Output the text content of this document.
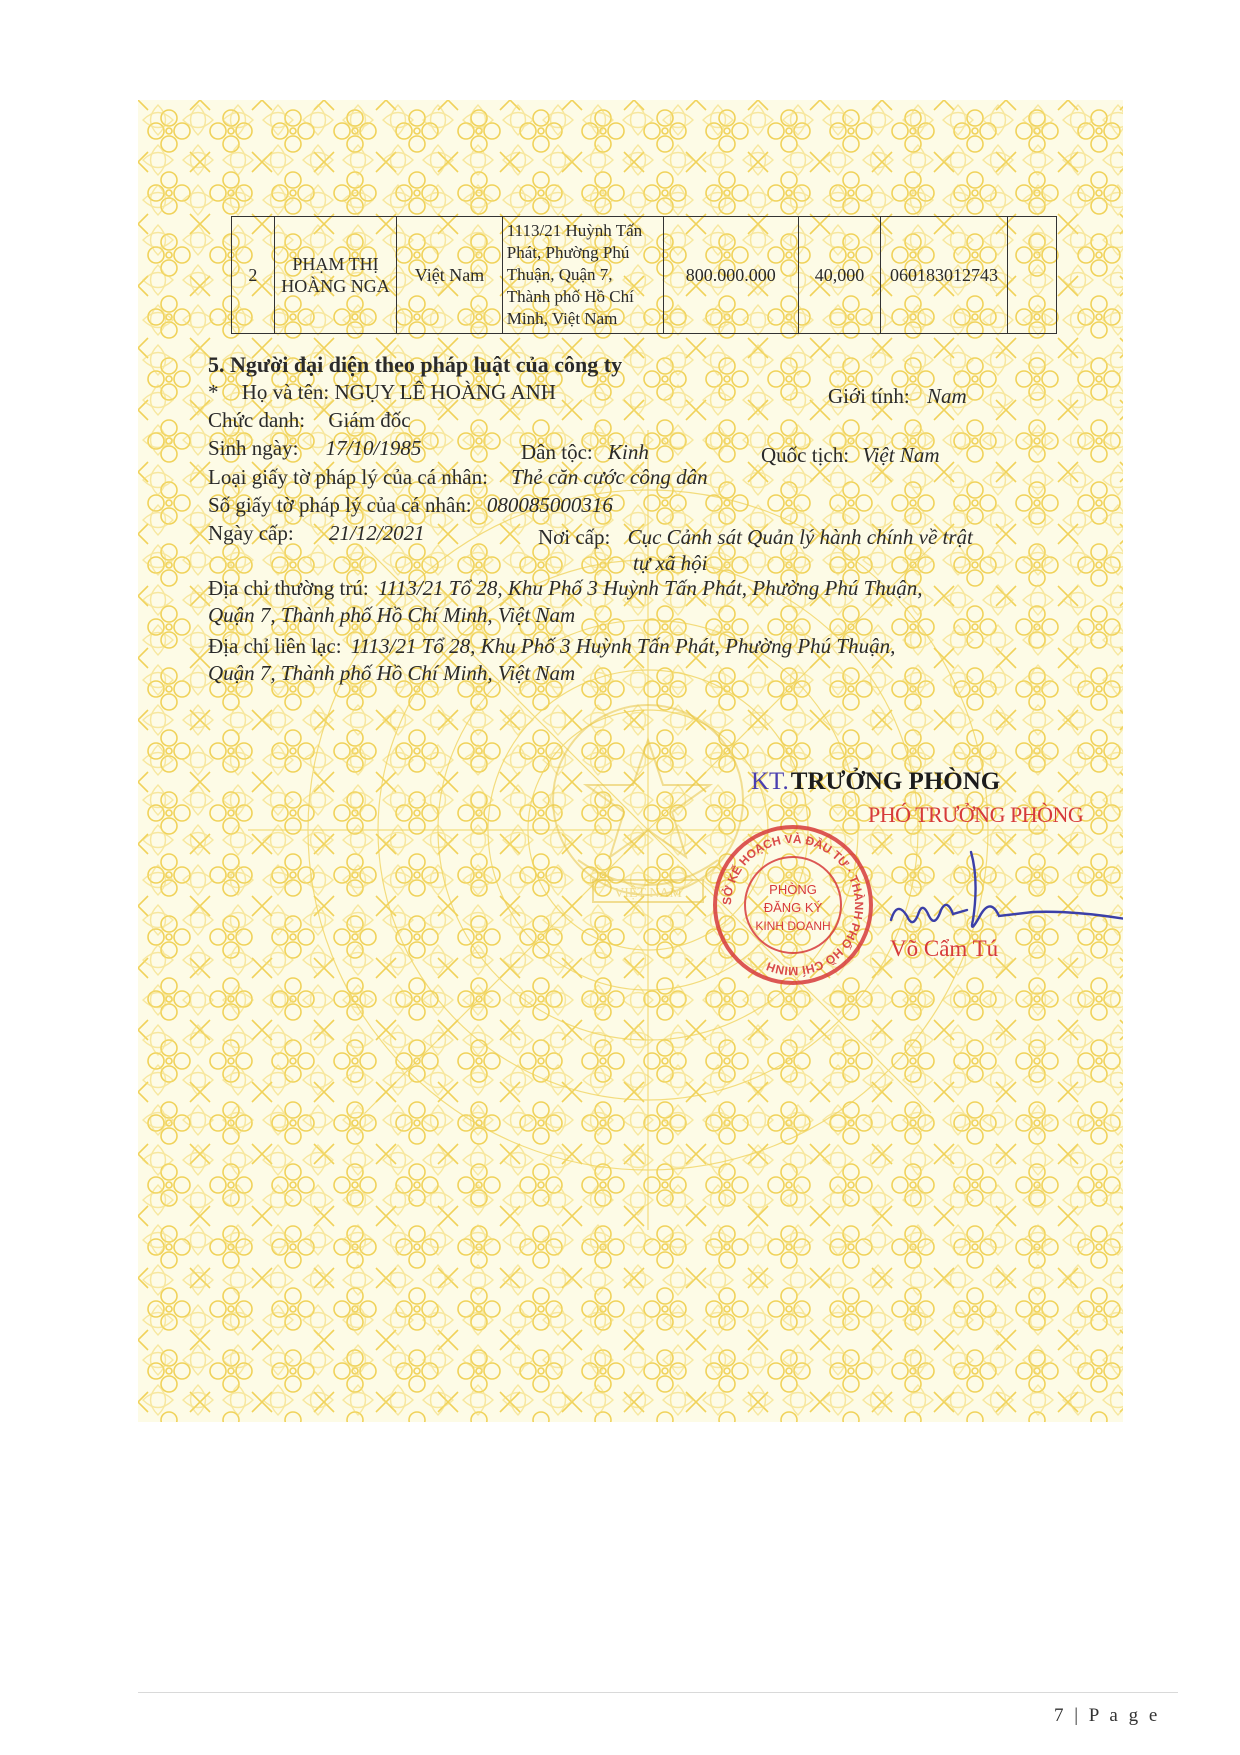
VIỆT NAM
2	PHẠM THỊ HOÀNG NGA	Việt Nam	1113/21 Huỳnh Tấn Phát, Phường Phú Thuận, Quận 7, Thành phố Hồ Chí Minh, Việt Nam	800.000.000	40,000	060183012743	
5. Người đại diện theo pháp luật của công ty
* Họ và tên: NGỤY LÊ HOÀNG ANH	Giới tính: Nam
Chức danh: Giám đốc
Sinh ngày: 17/10/1985	Dân tộc: Kinh	Quốc tịch: Việt Nam
Loại giấy tờ pháp lý của cá nhân: Thẻ căn cước công dân
Số giấy tờ pháp lý của cá nhân: 080085000316
Ngày cấp: 21/12/2021	Nơi cấp: Cục Cảnh sát Quản lý hành chính về trật
tự xã hội
Địa chỉ thường trú: 1113/21 Tổ 28, Khu Phố 3 Huỳnh Tấn Phát, Phường Phú Thuận,
Quận 7, Thành phố Hồ Chí Minh, Việt Nam
Địa chỉ liên lạc: 1113/21 Tổ 28, Khu Phố 3 Huỳnh Tấn Phát, Phường Phú Thuận,
Quận 7, Thành phố Hồ Chí Minh, Việt Nam
KT.TRƯỞNG PHÒNG
PHÓ TRƯỞNG PHÒNG
SỞ KẾ HOẠCH VÀ ĐẦU TƯ · THÀNH PHỐ HỒ CHÍ MINH
PHÒNG
ĐĂNG KÝ
KINH DOANH
Võ Cẩm Tú
7 | P a g e
